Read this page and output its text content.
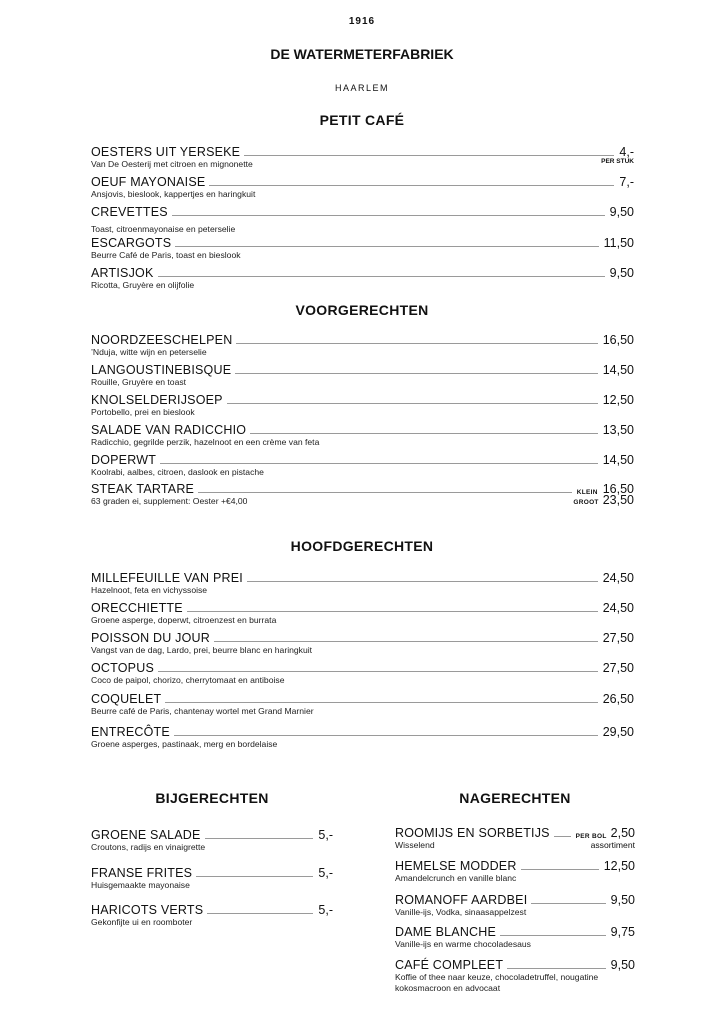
1916
DE WATERMETERFABRIEK
HAARLEM
PETIT CAFÉ
OESTERS UIT YERSEKE	4,-
Van De Oesterij met citroen en mignonette	PER STUK
OEUF MAYONAISE	7,-
Ansjovis, bieslook, kappertjes en haringkuit
CREVETTES	9,50
Toast, citroenmayonaise en peterselie
ESCARGOTS	11,50
Beurre Café de Paris, toast en bieslook
ARTISJOK	9,50
Ricotta, Gruyère en olijfolie
VOORGERECHTEN
NOORDZEESCHELPEN	16,50
’Nduja, witte wijn en peterselie
LANGOUSTINEBISQUE	14,50
Rouille, Gruyère en toast
KNOLSELDERIJSOEP	12,50
Portobello, prei en bieslook
SALADE VAN RADICCHIO	13,50
Radicchio, gegrilde perzik, hazelnoot en een crème van feta
DOPERWT	14,50
Koolrabi, aalbes, citroen, daslook en pistache
STEAK TARTARE	KLEIN 16,50
63 graden ei, supplement: Oester +€4,00	GROOT 23,50
HOOFDGERECHTEN
MILLEFEUILLE VAN PREI	24,50
Hazelnoot, feta en vichyssoise
ORECCHIETTE	24,50
Groene asperge, doperwt, citroenzest en burrata
POISSON DU JOUR	27,50
Vangst van de dag, Lardo, prei, beurre blanc en haringkuit
OCTOPUS	27,50
Coco de paipol, chorizo, cherrytomaat en antiboise
COQUELET	26,50
Beurre café de Paris, chantenay wortel met Grand Marnier
ENTRECÔTE	29,50
Groene asperges, pastinaak, merg en bordelaise
BIJGERECHTEN
GROENE SALADE	5,-
Croutons, radijs en vinaigrette
FRANSE FRITES	5,-
Huisgemaakte mayonaise
HARICOTS VERTS	5,-
Gekonfijte ui en roomboter
NAGERECHTEN
ROOMIJS EN SORBETIJS	PER BOL 2,50
Wisselend	assortiment
HEMELSE MODDER	12,50
Amandelcrunch en vanille blanc
ROMANOFF AARDBEI	9,50
Vanille-ijs, Vodka, sinaasappelzest
DAME BLANCHE	9,75
Vanille-ijs en warme chocoladesaus
CAFÉ COMPLEET	9,50
Koffie of thee naar keuze, chocoladetruffel, nougatine
kokosmacroon en advocaat
